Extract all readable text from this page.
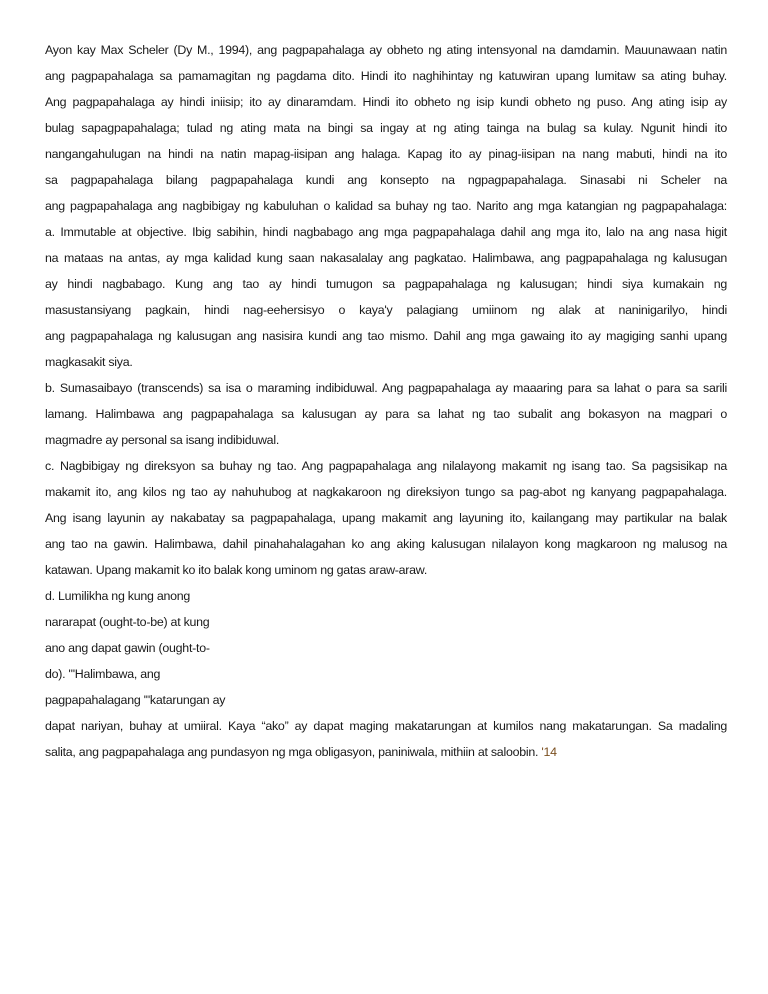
Ayon kay Max Scheler (Dy M., 1994), ang pagpapahalaga ay obheto ng ating intensyonal na damdamin. Mauunawaan natin
ang pagpapahalaga sa pamamagitan ng pagdama dito. Hindi ito naghihintay ng katuwiran upang lumitaw sa ating buhay.
Ang pagpapahalaga ay hindi iniisip; ito ay dinaramdam. Hindi ito obheto ng isip kundi obheto ng puso. Ang ating isip ay
bulag sapagpapahalaga; tulad ng ating mata na bingi sa ingay at ng ating tainga na bulag sa kulay. Ngunit hindi ito
nangangahulugan na hindi na natin mapag-iisipan ang halaga. Kapag ito ay pinag-iisipan na nang mabuti, hindi na ito
sa pagpapahalaga bilang pagpapahalaga kundi ang konsepto na ngpagpapahalaga. Sinasabi ni Scheler na
ang pagpapahalaga ang nagbibigay ng kabuluhan o kalidad sa buhay ng tao. Narito ang mga katangian ng pagpapahalaga:
a. Immutable at objective. Ibig sabihin, hindi nagbabago ang mga pagpapahalaga dahil ang mga ito, lalo na ang nasa higit
na mataas na antas, ay mga kalidad kung saan nakasalalay ang pagkatao. Halimbawa, ang pagpapahalaga ng kalusugan
ay hindi nagbabago. Kung ang tao ay hindi tumugon sa pagpapahalaga ng kalusugan; hindi siya kumakain ng
masustansiyang pagkain, hindi nag-eehersisyo o kaya'y palagiang umiinom ng alak at naninigarilyo, hindi
ang pagpapahalaga ng kalusugan ang nasisira kundi ang tao mismo. Dahil ang mga gawaing ito ay magiging sanhi upang
magkasakit siya.
b. Sumasaibayo (transcends) sa isa o maraming indibiduwal. Ang pagpapahalaga ay maaaring para sa lahat o para sa sarili
lamang. Halimbawa ang pagpapahalaga sa kalusugan ay para sa lahat ng tao subalit ang bokasyon na magpari o
magmadre ay personal sa isang indibiduwal.
c. Nagbibigay ng direksyon sa buhay ng tao. Ang pagpapahalaga ang nilalayong makamit ng isang tao. Sa pagsisikap na
makamit ito, ang kilos ng tao ay nahuhubog at nagkakaroon ng direksiyon tungo sa pag-abot ng kanyang pagpapahalaga.
Ang isang layunin ay nakabatay sa pagpapahalaga, upang makamit ang layuning ito, kailangang may partikular na balak
ang tao na gawin. Halimbawa, dahil pinahahalagahan ko ang aking kalusugan nilalayon kong magkaroon ng malusog na
katawan. Upang makamit ko ito balak kong uminom ng gatas araw-araw.
d. Lumilikha ng kung anong
nararapat (ought-to-be) at kung
ano ang dapat gawin (ought-to-
do). "'Halimbawa, ang
pagpapahalagang '"katarungan ay
dapat nariyan, buhay at umiiral. Kaya “ako” ay dapat maging makatarungan at kumilos nang makatarungan. Sa madaling
salita, ang pagpapahalaga ang pundasyon ng mga obligasyon, paniniwala, mithiin at saloobin. '14
